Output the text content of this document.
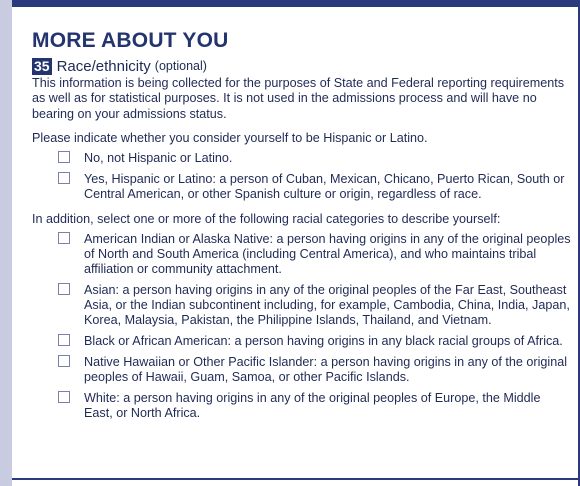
MORE ABOUT YOU
35 Race/ethnicity (optional)

This information is being collected for the purposes of State and Federal reporting requirements as well as for statistical purposes. It is not used in the admissions process and will have no bearing on your admissions status.

Please indicate whether you consider yourself to be Hispanic or Latino.

No, not Hispanic or Latino.
Yes, Hispanic or Latino: a person of Cuban, Mexican, Chicano, Puerto Rican, South or Central American, or other Spanish culture or origin, regardless of race.

In addition, select one or more of the following racial categories to describe yourself:

American Indian or Alaska Native: a person having origins in any of the original peoples of North and South America (including Central America), and who maintains tribal affiliation or community attachment.
Asian: a person having origins in any of the original peoples of the Far East, Southeast Asia, or the Indian subcontinent including, for example, Cambodia, China, India, Japan, Korea, Malaysia, Pakistan, the Philippine Islands, Thailand, and Vietnam.
Black or African American: a person having origins in any black racial groups of Africa.
Native Hawaiian or Other Pacific Islander: a person having origins in any of the original peoples of Hawaii, Guam, Samoa, or other Pacific Islands.
White: a person having origins in any of the original peoples of Europe, the Middle East, or North Africa.
